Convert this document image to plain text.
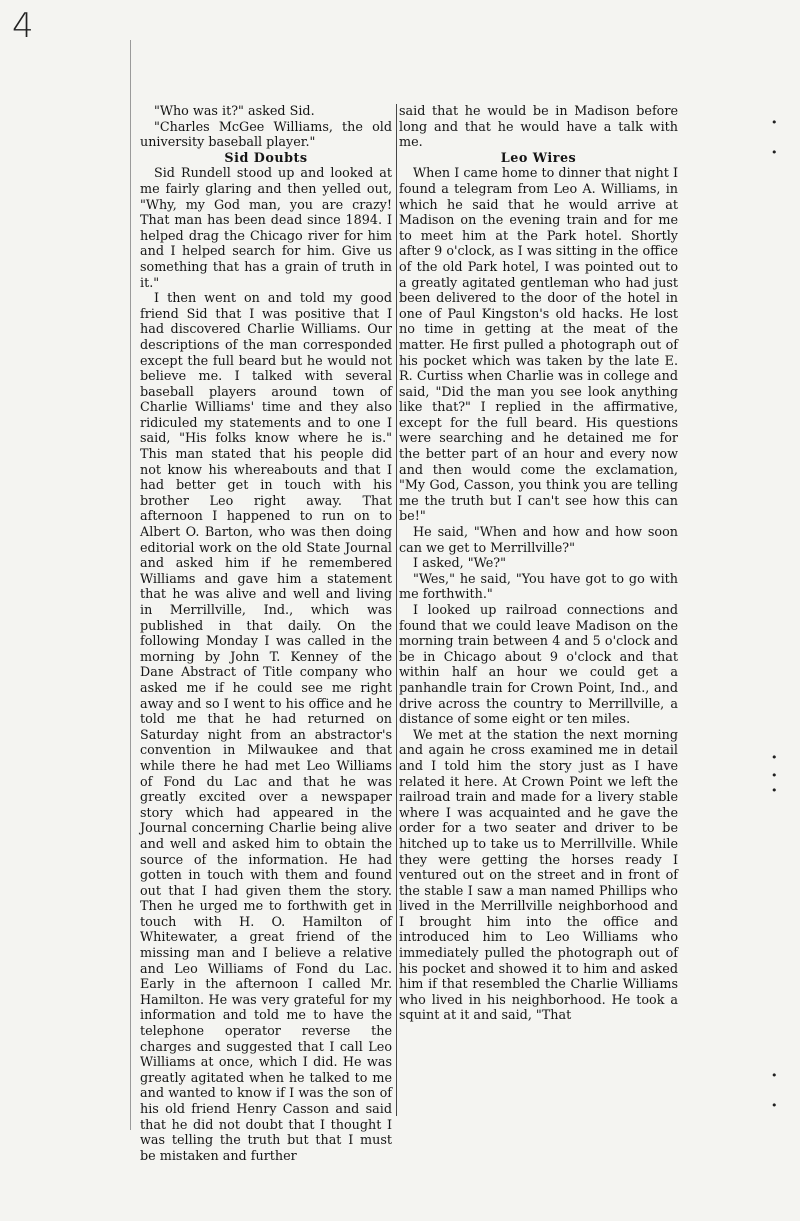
4

"Who was it?" asked Sid.

"Charles McGee Williams, the old university baseball player."

Sid Doubts

Sid Rundell stood up and looked at me fairly glaring and then yelled out, "Why, my God man, you are crazy! That man has been dead since 1894. I helped drag the Chicago river for him and I helped search for him. Give us something that has a grain of truth in it."

I then went on and told my good friend Sid that I was positive that I had discovered Charlie Williams. Our descriptions of the man corresponded except the full beard but he would not believe me. I talked with several baseball players around town of Charlie Williams' time and they also ridiculed my statements and to one I said, "His folks know where he is." This man stated that his people did not know his whereabouts and that I had better get in touch with his brother Leo right away. That afternoon I happened to run on to Albert O. Barton, who was then doing editorial work on the old State Journal and asked him if he remembered Williams and gave him a statement that he was alive and well and living in Merrillville, Ind., which was published in that daily. On the following Monday I was called in the morning by John T. Kenney of the Dane Abstract of Title company who asked me if he could see me right away and so I went to his office and he told me that he had returned on Saturday night from an abstractor's convention in Milwaukee and that while there he had met Leo Williams of Fond du Lac and that he was greatly excited over a newspaper story which had appeared in the Journal concerning Charlie being alive and well and asked him to obtain the source of the information. He had gotten in touch with them and found out that I had given them the story. Then he urged me to forthwith get in touch with H. O. Hamilton of Whitewater, a great friend of the missing man and I believe a relative and Leo Williams of Fond du Lac. Early in the afternoon I called Mr. Hamilton. He was very grateful for my information and told me to have the telephone operator reverse the charges and suggested that I call Leo Williams at once, which I did. He was greatly agitated when he talked to me and wanted to know if I was the son of his old friend Henry Casson and said that he did not doubt that I thought I was telling the truth but that I must be mistaken and further

said that he would be in Madison before long and that he would have a talk with me.

Leo Wires

When I came home to dinner that night I found a telegram from Leo A. Williams, in which he said that he would arrive at Madison on the evening train and for me to meet him at the Park hotel. Shortly after 9 o'clock, as I was sitting in the office of the old Park hotel, I was pointed out to a greatly agitated gentleman who had just been delivered to the door of the hotel in one of Paul Kingston's old hacks. He lost no time in getting at the meat of the matter. He first pulled a photograph out of his pocket which was taken by the late E. R. Curtiss when Charlie was in college and said, "Did the man you see look anything like that?" I replied in the affirmative, except for the full beard. His questions were searching and he detained me for the better part of an hour and every now and then would come the exclamation, "My God, Casson, you think you are telling me the truth but I can't see how this can be!"

He said, "When and how and how soon can we get to Merrillville?"

I asked, "We?"

"Wes," he said, "You have got to go with me forthwith."

I looked up railroad connections and found that we could leave Madison on the morning train between 4 and 5 o'clock and be in Chicago about 9 o'clock and that within half an hour we could get a panhandle train for Crown Point, Ind., and drive across the country to Merrillville, a distance of some eight or ten miles.

We met at the station the next morning and again he cross examined me in detail and I told him the story just as I have related it here. At Crown Point we left the railroad train and made for a livery stable where I was acquainted and he gave the order for a two seater and driver to be hitched up to take us to Merrillville. While they were getting the horses ready I ventured out on the street and in front of the stable I saw a man named Phillips who lived in the Merrillville neighborhood and I brought him into the office and introduced him to Leo Williams who immediately pulled the photograph out of his pocket and showed it to him and asked him if that resembled the Charlie Williams who lived in his neighborhood. He took a squint at it and said, "That

•
•
•
•
•
•
•
